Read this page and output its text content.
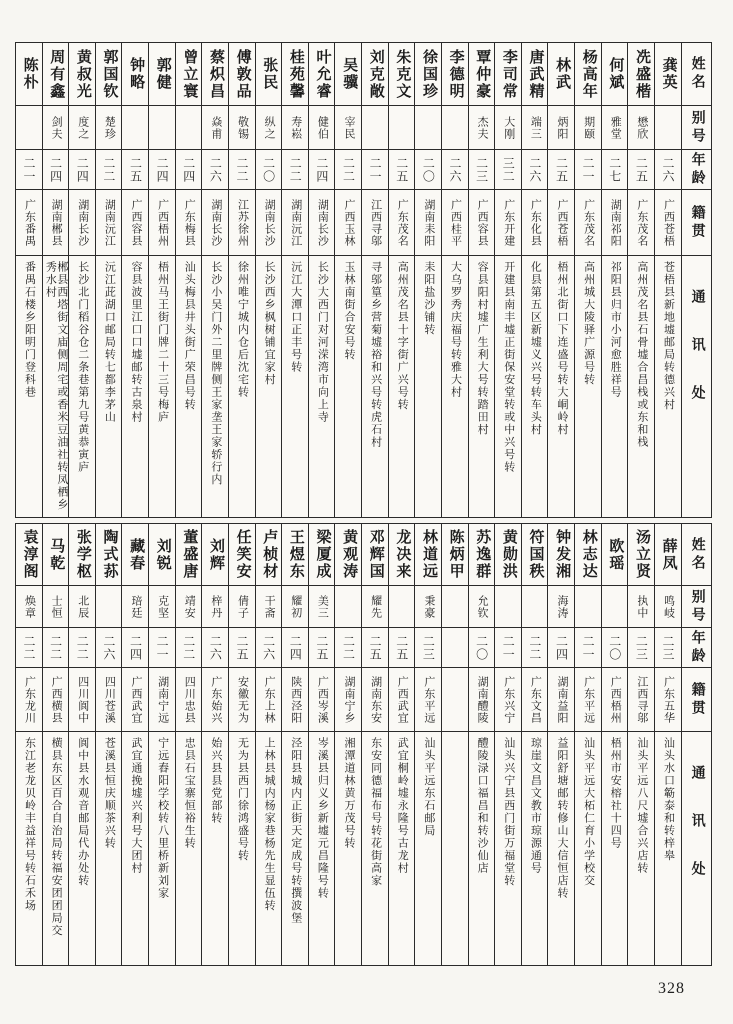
姓名
别号
年龄
籍贯
通讯处
龚英
二六
广西苍梧
苍梧县新地墟邮局转德兴村
冼盛楷
懋欣
二五
广东茂名
高州茂名县石骨墟合昌栈或东和栈
何斌
雅堂
二七
湖南祁阳
祁阳县归市小河愈胜祥号
杨高年
期颐
二一
广东茂名
高州城大陵驿广源号转
林武
炳阳
二五
广西苍梧
梧州北街口下连盛号转大峒岭村
唐武精
端三
二六
广东化县
化县第五区新墟义兴号转车头村
李司常
大刚
三二
广东开建
开建县南丰墟正街保安堂转或中兴号转
覃仲豪
杰夫
二三
广西容县
容县阳村墟广生利大号转踏田村
李德明
二六
广西桂平
大乌罗秀庆福号转雅大村
徐国珍
二〇
湖南耒阳
耒阳盐沙铺转
朱克文
二五
广东茂名
高州茂名县十字街广兴号转
刘克敞
二一
江西寻邬
寻邬篁乡营菊墟裕和兴号转虎石村
吴骥
宰民
二二
广西玉林
玉林南街合安号转
叶允睿
健伯
二四
湖南长沙
长沙大西门对河溁湾市向上寺
桂苑馨
寿崧
二二
湖南沅江
沅江大潭口正丰号转
张民
纵之
二〇
湖南长沙
长沙西乡枫树铺宜家村
傅敦品
敬锡
二二
江苏徐州
徐州唯宁城内仓后沈宅转
蔡炽昌
焱甫
二六
湖南长沙
长沙小吴门外二里牌侧王家垄王家轿行内
曾立寰
二四
广东梅县
汕头梅县井头街广荣昌号转
郭健
二四
广西梧州
梧州马王街门牌二十三号梅庐
钟略
二五
广西容县
容县波里江口口墟邮转古泉村
郭国钦
楚珍
二二
湖南沅江
沅江茈湖口邮局转七都李茅山
黄叔光
度之
二四
湖南长沙
长沙北门稻谷仓二条巷第九号黄恭寅庐
周有鑫
剑夫
二四
湖南郴县
郴县西塔街文庙侧周宅或香米豆油社转凤栖乡秀水村
陈朴
二一
广东番禺
番禺石楼乡阳明门登科巷
姓名
别号
年龄
籍贯
通讯处
薛凤
鸣岐
二三
广东五华
汕头水口簕泰和转梓皋
汤立贤
执中
二三
江西寻邬
汕头平远八尺墟合兴店转
欧瑶
二〇
广西梧州
梧州市安榕社十四号
林志达
二一
广东平远
汕头平远大柘仁育小学校交
钟发湘
海涛
二四
湖南益阳
益阳舒塘邮转修山大信恒店转
符国秩
二二
广东文昌
琼崖文昌文教市琼源通号
黄勋洪
二一
广东兴宁
汕头兴宁县西门街万福堂转
苏逸群
允钦
二〇
湖南醴陵
醴陵渌口福昌和转沙仙店
陈炳甲
林道远
秉豪
二三
广东平远
汕头平远东石邮局
龙决来
二五
广西武宜
武宜桐岭墟永隆号古龙村
邓辉国
耀先
二五
湖南东安
东安同德福布号转花街高家
黄观涛
二二
湖南宁乡
湘潭道林黄万茂号转
梁厦成
美三
二五
广西岑溪
岑溪县归义乡新墟元昌隆号转
王煜东
耀初
二四
陕西泾阳
泾阳县城内正街天定成号转撰波堡
卢桢材
干斋
二六
广东上林
上林县城内杨家巷杨先生显伍转
任笑安
倩子
二五
安徽无为
无为县西门徐鸿盛号转
刘辉
梓丹
二六
广东始兴
始兴县县党部转
董盛唐
靖安
二二
四川忠县
忠县石宝寨恒裕生转
刘锐
克坚
二一
湖南宁远
宁远舂阳学校转八里桥新刘家
藏春
琣廷
二四
广西武宜
武宜通挽墟兴利号大团村
陶式荪
二六
四川苍溪
苍溪县恒庆顺茶兴转
张学枢
北辰
二二
四川阆中
阆中县水观音邮局代办处转
马乾
士恒
二二
广西横县
横县东区百合自治局转福安团团局交
袁淳阁
焕章
二二
广东龙川
东江老龙贝岭丰益祥号转石禾场
328
